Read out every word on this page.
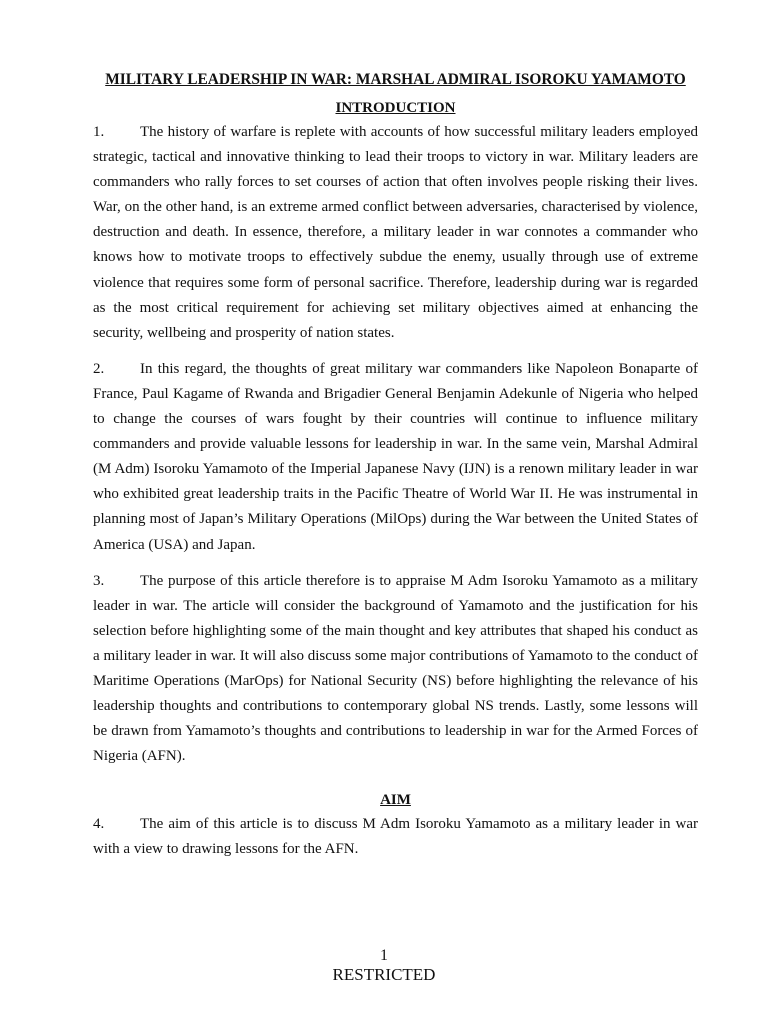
MILITARY LEADERSHIP IN WAR: MARSHAL ADMIRAL ISOROKU YAMAMOTO
INTRODUCTION

1. The history of warfare is replete with accounts of how successful military leaders employed strategic, tactical and innovative thinking to lead their troops to victory in war. Military leaders are commanders who rally forces to set courses of action that often involves people risking their lives. War, on the other hand, is an extreme armed conflict between adversaries, characterised by violence, destruction and death. In essence, therefore, a military leader in war connotes a commander who knows how to motivate troops to effectively subdue the enemy, usually through use of extreme violence that requires some form of personal sacrifice. Therefore, leadership during war is regarded as the most critical requirement for achieving set military objectives aimed at enhancing the security, wellbeing and prosperity of nation states.

2. In this regard, the thoughts of great military war commanders like Napoleon Bonaparte of France, Paul Kagame of Rwanda and Brigadier General Benjamin Adekunle of Nigeria who helped to change the courses of wars fought by their countries will continue to influence military commanders and provide valuable lessons for leadership in war. In the same vein, Marshal Admiral (M Adm) Isoroku Yamamoto of the Imperial Japanese Navy (IJN) is a renown military leader in war who exhibited great leadership traits in the Pacific Theatre of World War II. He was instrumental in planning most of Japan’s Military Operations (MilOps) during the War between the United States of America (USA) and Japan.

3. The purpose of this article therefore is to appraise M Adm Isoroku Yamamoto as a military leader in war. The article will consider the background of Yamamoto and the justification for his selection before highlighting some of the main thought and key attributes that shaped his conduct as a military leader in war. It will also discuss some major contributions of Yamamoto to the conduct of Maritime Operations (MarOps) for National Security (NS) before highlighting the relevance of his leadership thoughts and contributions to contemporary global NS trends. Lastly, some lessons will be drawn from Yamamoto’s thoughts and contributions to leadership in war for the Armed Forces of Nigeria (AFN).

AIM

4. The aim of this article is to discuss M Adm Isoroku Yamamoto as a military leader in war with a view to drawing lessons for the AFN.

1
RESTRICTED
